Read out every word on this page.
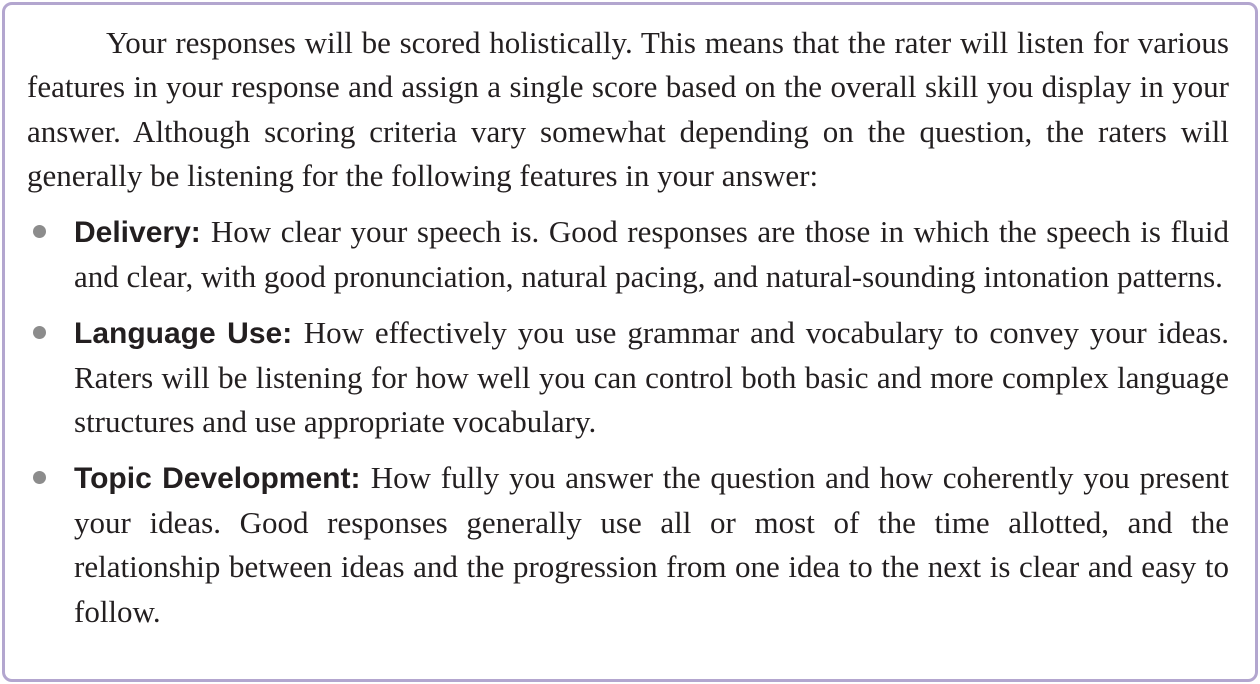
Your responses will be scored holistically. This means that the rater will listen for various features in your response and assign a single score based on the overall skill you display in your answer. Although scoring criteria vary somewhat depending on the question, the raters will generally be listening for the following features in your answer:

Delivery: How clear your speech is. Good responses are those in which the speech is fluid and clear, with good pronunciation, natural pacing, and natural-sounding intonation patterns.
Language Use: How effectively you use grammar and vocabulary to convey your ideas. Raters will be listening for how well you can control both basic and more complex language structures and use appropriate vocabulary.
Topic Development: How fully you answer the question and how coherently you present your ideas. Good responses generally use all or most of the time allotted, and the relationship between ideas and the progression from one idea to the next is clear and easy to follow.
